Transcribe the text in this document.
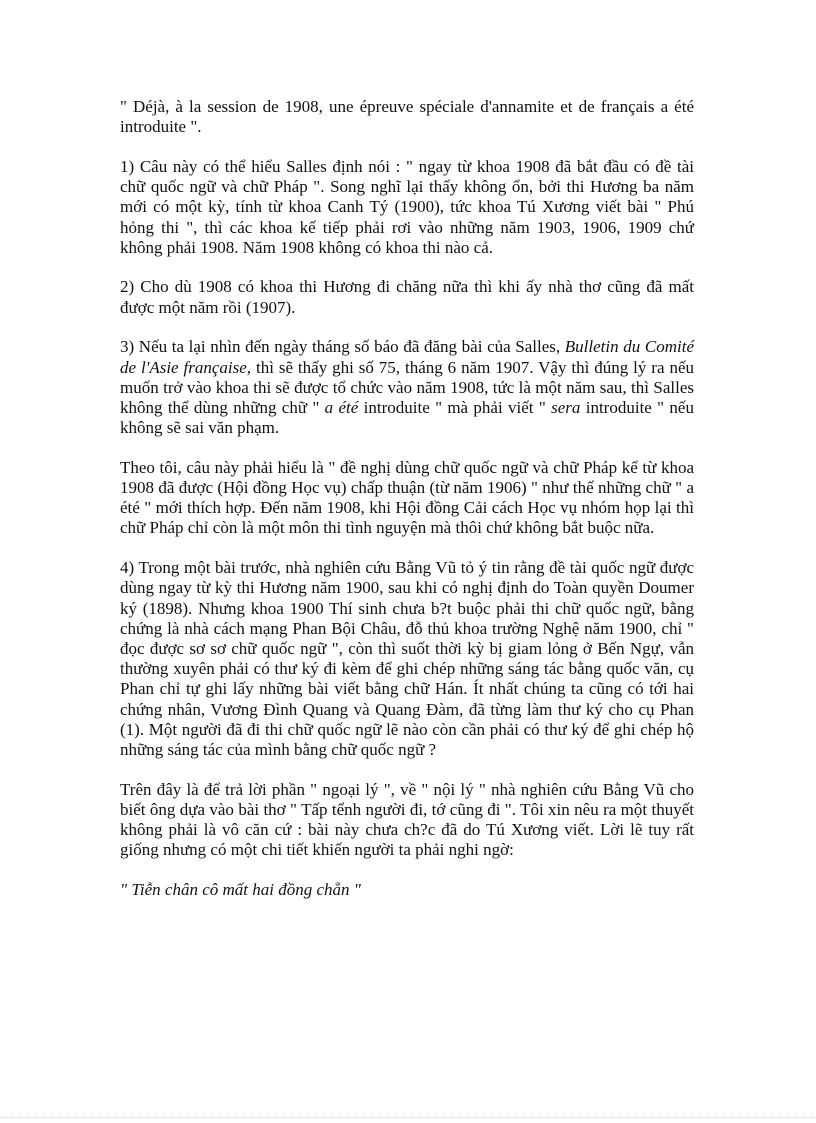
" Déjà, à la session de 1908, une épreuve spéciale d'annamite et de français a été introduite ".

1) Câu này có thể hiểu Salles định nói : " ngay từ khoa 1908 đã bắt đầu có đề tài chữ quốc ngữ và chữ Pháp ". Song nghĩ lại thấy không ổn, bởi thi Hương ba năm mới có một kỳ, tính từ khoa Canh Tý (1900), tức khoa Tú Xương viết bài " Phú hỏng thi ", thì các khoa kế tiếp phải rơi vào những năm 1903, 1906, 1909 chứ không phải 1908. Năm 1908 không có khoa thi nào cả.

2) Cho dù 1908 có khoa thi Hương đi chăng nữa thì khi ấy nhà thơ cũng đã mất được một năm rồi (1907).

3) Nếu ta lại nhìn đến ngày tháng số báo đã đăng bài của Salles, Bulletin du Comité de l'Asie française, thì sẽ thấy ghi số 75, tháng 6 năm 1907. Vậy thì đúng lý ra nếu muốn trở vào khoa thi sẽ được tổ chức vào năm 1908, tức là một năm sau, thì Salles không thể dùng những chữ " a été introduite " mà phải viết " sera introduite " nếu không sẽ sai văn phạm.

Theo tôi, câu này phải hiểu là " đề nghị dùng chữ quốc ngữ và chữ Pháp kể từ khoa 1908 đã được (Hội đồng Học vụ) chấp thuận (từ năm 1906) " như thế những chữ " a été " mới thích hợp. Đến năm 1908, khi Hội đồng Cải cách Học vụ nhóm họp lại thì chữ Pháp chỉ còn là một môn thi tình nguyện mà thôi chứ không bắt buộc nữa.

4) Trong một bài trước, nhà nghiên cứu Bằng Vũ tỏ ý tin rằng đề tài quốc ngữ được dùng ngay từ kỳ thi Hương năm 1900, sau khi có nghị định do Toàn quyền Doumer ký (1898). Nhưng khoa 1900 Thí sinh chưa b?t buộc phải thi chữ quốc ngữ, bằng chứng là nhà cách mạng Phan Bội Châu, đỗ thủ khoa trường Nghệ năm 1900, chỉ " đọc được sơ sơ chữ quốc ngữ ", còn thì suốt thời kỳ bị giam lỏng ở Bến Ngự, vẫn thường xuyên phải có thư ký đi kèm để ghi chép những sáng tác bằng quốc văn, cụ Phan chỉ tự ghi lấy những bài viết bằng chữ Hán. Ít nhất chúng ta cũng có tới hai chứng nhân, Vương Đình Quang và Quang Đàm, đã từng làm thư ký cho cụ Phan (1). Một người đã đi thi chữ quốc ngữ lẽ nào còn cần phải có thư ký để ghi chép hộ những sáng tác của mình bằng chữ quốc ngữ ?

Trên đây là để trả lời phần " ngoại lý ", về " nội lý " nhà nghiên cứu Bằng Vũ cho biết ông dựa vào bài thơ " Tấp tểnh người đi, tớ cũng đi ". Tôi xin nêu ra một thuyết không phải là vô căn cứ : bài này chưa ch?c đã do Tú Xương viết. Lời lẽ tuy rất giống nhưng có một chi tiết khiến người ta phải nghi ngờ:

" Tiễn chân cô mất hai đồng chẵn "
